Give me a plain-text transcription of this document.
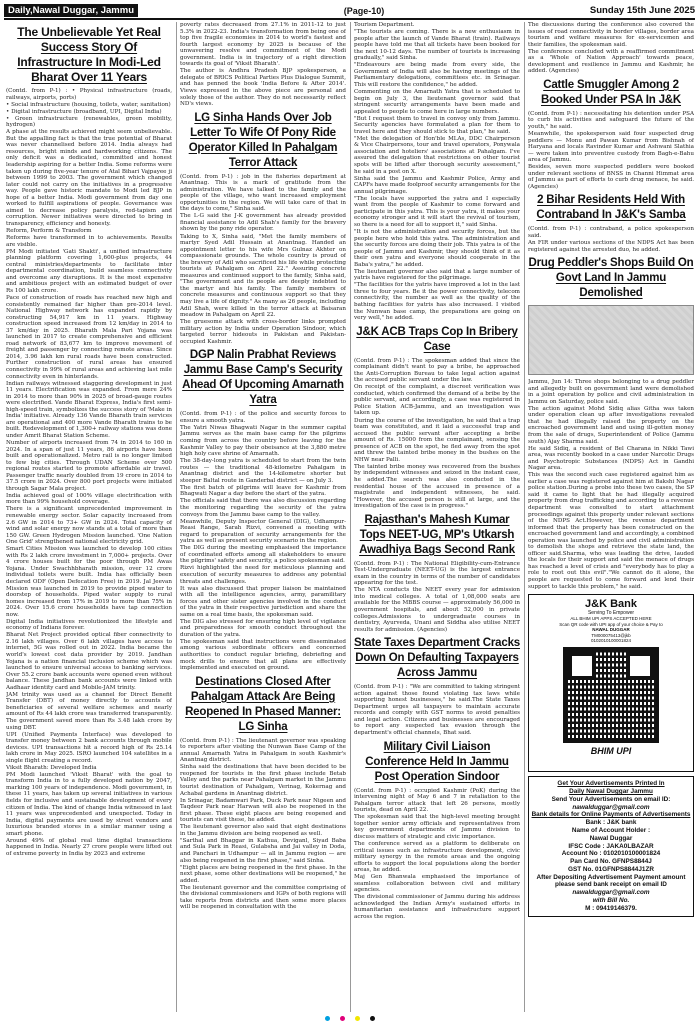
Daily,Nawal Duggar, Jammu	(Page-10)	Sunday 15th June 2025
The Unbelievable Yet Real Success Story Of Infrastructure In Modi-Led Bharat Over 11 Years

(Contd. from P-1) : • Physical infrastructure (roads, railways, airports, ports)

• Social infrastructure (housing, toilets, water, sanitation)

• Digital infrastructure (broadband, UPI, Digital India)

• Green infrastructure (renewables, green mobility, hydrogen)

A phase at the results achieved might seem unbelievable. But the appalling fact is that the true potential of Bharat was never channelised before 2014. India always had resources, bright minds and hardworking citizens. The only deficit was a dedicated, committed and honest leadership aspiring for a better India. Some reforms were taken up during five-year tenure of Atal Bihari Vajpayee ji between 1999 to 2003. The government which changed later could not carry on the initiatives in a progressive way. People gave historic mandate to Modi led BJP in hope of a better India. Modi government from day one worked to fulfill aspirations of people. Governance was aimed to decrease policy paralysis, red-tapism and corruption. Newer initiatives were directed to bring in transparency, efficiency and honesty.

Reform, Perform & Transform

Reforms have transformed in to achievements. Results are visible.

PM Modi initiated 'Gati Shakti', a unified infrastructure planning platform covering 1,600-plus projects, 44 central ministries/departments to facilitate inter departmental coordination, build seamless connectivity and overcome any disruptions. It is the most expensive and ambitious project with an estimated budget of over Rs 100 lakh crore.

Pace of construction of roads has reached new high and consistently remained far higher than pre-2014 level. National Highway network has expanded rapidly by constructing 54,917 km in 11 years. Highway construction speed increased from 12 km/day in 2014 to 37 km/day in 2025. Bharath Mala Pari Yojana was launched in 2017 to create comprehensive and efficient road network of 83,677 km to improve movement of freight and passenger by connecting remote areas. Since 2014, 3.96 lakh km rural roads have been constructed. Further construction of rural areas has ensured connectivity in 99% of rural areas and achieving last mile connectivity even in hinterlands.

Indian railways witnessed staggering development in just 11 years. Electrification was expanded. From mere 24% in 2014 to more than 90% in 2025 of broad-gauge routes were electrified. Vande Bharat Express, India's first semi-high-speed train, symbolizes the success story of 'Make in India' initiative. Already 136 Vande Bharath train services are operational and 400 more Vande Bharath trains to be built. Redevelopment of 1,300+ railway stations was done under Amrit Bharat Station Scheme.

Number of airports increased from 74 in 2014 to 160 in 2024. In a span of just 11 years, 86 airports have been built and operationalized. Metro rail is no longer limited to few big cities. Through UDAN Scheme over 500 regional routes started to promote affordable air travel. Passenger traffic nearly doubled from 19 crore in 2014 to 37.5 crore in 2024. Over 800 port projects were initiated through Sagar Mala project.

India achieved goal of 100% village electrification with more than 99% household coverage.

There is a significant unprecedented improvement in renewable energy sector. Solar capacity increased from 2.6 GW in 2014 to 73+ GW in 2024. Total capacity of wind and solar energy now stands at a total of more than 150 GW. Green Hydrogen Mission launched. 'One Nation One Grid' strengthened national electricity grid.

Smart Cities Mission was launched to develop 100 cities with Rs 2 lakh crore investment in 7,000+ projects. Over 4 crore houses built for the poor through PM Awas Yojana. Under Swachhbharath mission, over 12 crore individual toilets were built. India has officially been declared ODF (Open Defecation Free) in 2019. Jal Jeevan Mission was launched in 2019 to provide piped water to doorstep of households. Piped water supply to rural homes increased from 17% in 2019 to more than 75% in 2024. Over 15.6 crore households have tap connection now.

Digital India initiatives revolutionized the lifestyle and economy of Indians forever.

Bharat Net Project provided optical fiber connectivity to 2.16 lakh villages. Over 6 lakh villages have access to internet, 5G was rolled out in 2022. India became the world's lowest cost data provider by 2019. Jandhan Yojana is a nation financial inclusion scheme which was launched to ensure universal access to banking services. Over 55.2 crore bank accounts were opened even without balance. These Jandhan bank accounts were linked with Aadhaar identity card and Mobile-JAM trinity.

JAM trinity was used as a channel for Direct Benefit Transfer (DBT) of money directly to accounts of beneficiaries of several welfare schemes and nearly amount of Rs 44 lakh crore was transferred transparently. The government saved more than Rs 3.48 lakh crore by using DBT.

UPI (Unified Payments Interface) was developed to transfer money between 2 bank accounts through mobile devices. UPI transactions hit a record high of Rs 25.14 lakh crore in May 2025. ISRO launched 104 satellites in a single flight creating a record.

Viksit Bharath: Developed India

PM Modi launched 'Viksit Bharat' with the goal to transform India in to a fully developed nation by 2047, marking 100 years of independence. Modi government, in these 11 years, has taken up several initiatives in various fields for inclusive and sustainable development of every citizen of India. The kind of change India witnessed in last 11 years was unprecedented and unexpected. Today in India, digital payments are used by street vendors and luxurious branded stores in a similar manner using a smart phone.

Around 49% of global real time digital transactions happened in India. Nearly 27 crore people were lifted out of extreme poverty in India by 2023 and extreme

poverty rates decreased from 27.1% in 2011-12 to just 5.3% in 2022-23. India's transformation from being one of top five fragile economies in 2014 to world's fastest and fourth largest economy by 2025 is because of the unwavering resolve and commitment of the Modi government. India is in trajectory of a right direction towards its goal of 'Viksit Bharath'.

The author is Andhra Pradesh BJP spokesperson, a delegate of BRICS Political Parties Plus Dialogue Summit, and has penned the book 'India Before & After 2014'. Views expressed in the above piece are personal and solely those of the author. They do not necessarily reflect ND's views.

LG Sinha Hands Over Job Letter To Wife Of Pony Ride Operator Killed In Pahalgam Terror Attack

(Contd. from P-1) : job in the fisheries department at Anantnag. This is a mark of gratitude from the administration. We have talked to the family and the people of the village, who want increased employment opportunities in the region. We will take care of that in the days to come," Sinha said.

The L-G said the J-K government has already provided financial assistance to Adil Shah's family for the bravery shown by the pony ride operator.

Taking to X, Sinha said, "Met the family members of martyr Syed Adil Hussain at Anantnag. Handed an appointment letter to his wife Mrs Gulnaz Akhter on compassionate grounds. The whole country is proud of the bravery of Adil who sacrificed his life while protecting tourists at Pahalgam on April 22." Assuring concrete measures and continued support to the family, Sinha said, "The government and its people are deeply indebted to the martyr and his family. The family members of concrete measures and continuous support so that they may live a life of dignity." As many as 26 people, including Adil Shah, were killed in the terror attack at Baisaran meadow in Pahalgam on April 22.

The gruesome attack with cross-border links prompted military action by India under Operation Sindoor, which targeted terror hideouts in Pakistan and Pakistan-occupied Kashmir.

DGP Nalin Prabhat Reviews Jammu Base Camp's Security Ahead Of Upcoming Amarnath Yatra

(Contd. from P-1) : of the police and security forces to ensure a smooth yatra.

The Yatri Niwas Bhagwati Nagar in the summer capital Jammu serves as the main base camp for the pilgrims coming from across the country before leaving for the Kashmir Valley to pay their obeisance at the 3,880 metre high holy cave shrine of Amarnath.

The 38-day-long yatra is scheduled to start from the twin routes — the traditional 48-kilometre Pahalgam in Anantnag district and the 14-kilometre shorter but steeper Baltal route in Ganderbal district — on July 3.

The first batch of pilgrims will leave for Kashmir from Bhagwati Nagar a day before the start of the yatra.

The officials said that there was also discussion regarding the monitoring regarding the security of the yatra convoys from the Jammu base camp to the valley.

Meanwhile, Deputy Inspector General (DIG), Udhampur-Reasi Range, Sarah Rizvi, convened a meeting with regard to preparation of security arrangements for the yatra as well as present security scenario in the region.

The DIG during the meeting emphasised the importance of coordinated efforts among all stakeholders to ensure the pilgrims' safety and security, a police spokesman said.

Rizvi highlighted the need for meticulous planning and execution of security measures to address any potential threats and challenges.

It was also discussed that proper liaison be maintained with all the intelligence agencies, army, paramilitary forces and other sister agencies involved in the conduct of the yatra in their respective jurisdiction and share the same on a real time basis, the spokesman said.

The DIG also stressed for ensuring high level of vigilance and preparedness for smooth conduct throughout the duration of the yatra.

The spokesman said that instructions were disseminated among various subordinate officers and concerned authorities to conduct regular briefing, debriefing and mock drills to ensure that all plans are effectively implemented and executed on ground.

Destinations Closed After Pahalgam Attack Are Being Reopened In Phased Manner: LG Sinha

(Contd. from P-1) : The lieutenant governor was speaking to reporters after visiting the Nunwan Base Camp of the annual Amarnath Yatra in Pahalgam in south Kashmir's Anantnag district.

Sinha said the destinations that have been decided to be reopened for tourists in the first phase include Betab Valley and the parks near Pahalgam market in the Jammu tourist destination of Pahalgam, Verinag, Kokernag and Achabal gardens in Anantnag district.

In Srinagar, Badamwari Park, Duck Park near Nigeen and Taqdeer Park near Harwan will also be reopened in the first phase. These eight places are being reopened and tourists can visit these, he added.

The lieutenant governor also said that eight destinations in the Jammu division are being reopened as well.

"Sarthal and Bhaggar in Kathua, Deviganl, Siyad Baba and Sula Park in Reasi, Gulabsha and Jai valley in Doda, and Panchari in Udhampur — all in Jammu region — are also being reopened in the first phase," said Sinha.

"Eight places are being reopened in the first phase. In the next phase, some other destinations will be reopened," he added.

The lieutenant governor and the committee comprising of the divisional commissioners and IGPs of both regions will take reports from districts and then some more places will be reopened in consultation with the

Tourism Department.

"The tourists are coming. There is a new enthusiasm in people after the launch of Vande Bharat (train). Railways people have told me that all tickets have been booked for the next 10-12 days. The number of tourists is increasing gradually," said Sinha.

"Endeavours are being made from every side, the Government of India will also be having meetings of the Parliamentary delegations, committees etc. in Srinagar. This will restore the confidence," he added.

Commenting on the Amarnath Yatra that is scheduled to begin on July 3, the lieutenant governor said that stringent security arrangements have been made and appealed to people to come here in large numbers.

"But I request them to travel in convoy only from Jammu. Security agencies have formulated a plan for them to travel here and they should stick to that plan," he said.

"Met the delegation of Hon'ble MLAs, DDC Chairperson & Vice Chairpersons, tour and travel operators, Ponywala association and hoteliers' associations at Pahalgam. I've assured the delegation that restrictions on other tourist spots will be lifted after thorough security assessment," he said in a post on X.

Sinha said the Jammu and Kashmir Police, Army and CAPFs have made foolproof security arrangements for the annual pilgrimage.

"The locals have supported the yatra and I especially want from the people of Kashmir to come forward and participate in this yatra. This is your yatra, it makes your economy stronger and it will start the revival of tourism, so there is a need for all to support it," said Sinha.

"It is not the administration and security forces, but the people here who hold this yatra. The administration and the security forces are doing their job. This yatra is of the people of Jammu and Kashmir, they should think of it as their own yatra and everyone should cooperate in the Baba's yatra," he added.

The lieutenant governor also said that a large number of yatris have registered for the pilgrimage.

"The facilities for the yatris have improved a lot in the last three to four years. Be it the power connectivity, telecom connectivity, the number as well as the quality of the bathing facilities for yatris has also increased. I visited the Nunwan base camp, the preparations are going on very well," he added.

J&K ACB Traps Cop In Bribery Case

(Contd. from P-1) : The spokesman added that since the complainant didn't want to pay a bribe, he approached the Anti-Corruption Bureau to take legal action against the accused public servant under the law.

On receipt of the complaint, a discreet verification was conducted, which confirmed the demand of a bribe by the public servant, and accordingly, a case was registered in Police Station ACB-Jammu, and an investigation was taken up.

During the course of the investigation, he said that a trap team was constituted, and it laid a successful trap and accused the public servant after accepting a bribe amount of Rs. 15000 from the complainant, sensing the presence of ACB on the spot, he fled away from the spot and threw the tainted bribe money in the bushes on the NHW near Palli.

The tainted bribe money was recovered from the bushes by independent witnesses and seized in the instant case, he added.The search was also conducted in the residential house of the accused in presence of a magistrate and independent witnesses, he said. "However, the accused person is still at large, and the investigation of the case is in progress."

Rajasthan's Mahesh Kumar Tops NEET-UG, MP's Utkarsh Awadhiya Bags Second Rank

(Contd. from P-1) : The National Eligibility-cum-Entrance Test-Undergraduate (NEET-UG) is the largest entrance exam in the country in terms of the number of candidates appearing for the test.

The NTA conducts the NEET every year for admission into medical colleges. A total of 1,08,000 seats are available for the MBBS course — approximately 56,000 in government hospitals, and about 52,000 in private colleges.Admissions to undergraduate courses in dentistry, Ayurveda, Unani and Siddha also utilise NEET results for admission. (Agencies)

State Taxes Department Cracks Down On Defaulting Taxpayers Across Jammu

(Contd. from P-1) : "We are committed to taking stringent action against those found violating tax laws while supporting honest businesses," he said.The State Taxes Department urges all taxpayers to maintain accurate records and comply with GST norms to avoid penalties and legal action. Citizens and businesses are encouraged to report any suspected tax evasion through the department's official channels, Bhat said.

Military Civil Liaison Conference Held In Jammu Post Operation Sindoor

(Contd. from P-1) : occupied Kashmir (PoK) during the intervening night of May 6 and 7 in retaliation to the Pahalgam terror attack that left 26 persons, mostly tourists, dead on April 22.

The spokesman said that the high-level meeting brought together senior army officials and representatives from key government departments of Jammu division to discuss matters of strategic and civic importance.

The conference served as a platform to deliberate on critical issues such as infrastructure development, civic military synergy in the remote areas and the ongoing efforts to support the local populations along the border areas, he added.

Maj Gen Bhanwala emphasised the importance of seamless collaboration between civil and military agencies.

The divisional commissioner of Jammu during his address acknowledged the Indian Army's sustained efforts in humanitarian assistance and infrastructure support across the region.

The discussions during the conference also covered the issues of road connectivity in border villages, border area tourism and welfare measures for ex-servicemen and their families, the spokesman said.

The conference concluded with a reaffirmed commitment as a 'Whole of Nation Approach' towards peace, development and resilience in Jammu and Kashmir, he added. (Agencies)

Cattle Smuggler Among 2 Booked Under PSA In J&K

(Contd. from P-1) : necessitating his detention under PSA to curb his activities and safeguard the future of the youth," he said.

Meanwhile, the spokesperson said four suspected drug peddlers — Monu and Pawan Kumar from Bishnah of Haryana and locals Ravinder Kumar and Ashwani Slathia — were taken into preventive custody from Bagh-e-Bahu area of Jammu.

Besides, seven more suspected peddlers were booked under relevant sections of BNSS in Channi Himmat area of Jammu as part of efforts to curb drug menace, he said. (Agencies)

2 Bihar Residents Held With Contraband In J&K's Samba

(Contd. from P-1) : contraband, a police spokesperson said.

An FIR under various sections of the NDPS Act has been registered against the arrested duo, he added.

Drug Peddler's Shops Build On Govt Land In Jammu Demolished

Jammu, Jun 14: Three shops belonging to a drug peddler and allegedly built on government land were demolished in a joint operation by police and civil administration in Jammu on Saturday, police said.

The action against Mohd Sidiq alias Githa was taken under operation clean up after investigations revealed that he had illegally raised the property on the encroached government land and using ill-gotten money from the sale of drugs, Superintendent of Police (Jammu south) Ajay Sharma said.

He said Sidiq, a resident of Bel Charana in Nikki Tawi area, was recently booked in a case under Narcotic Drugs and Psychotropic Substances (NDPS) Act in Gandhi Nagar area.

This was the second such case registered against him as earlier a case was registered against him at Bakshi Nagar police station.During a probe into these two cases, the SP said it came to light that he had illegally acquired property from drug trafficking and according to a revenue department was consulted to start attachment proceedings against this property under relevant sections of the NDPS Act.However, the revenue department informed that the property has been constructed on the encroached government land and accordingly, a combined operation was launched by police and civil administration to demolish the shops and retrieve the state land, the officer said.Sharma, who was leading the drive, lauded the locals for their support and said the menace of drugs has reached a level of crisis and "everybody has to play a role to root out this evil"."We cannot do it alone, the people are requested to come forward and lend their support to tackle this problem," he said.

J&K Bank
Serving To Empower
ALL BHIM UPI APPS ACCEPTED HERE
Scan QR code with UPI app of your choice & Pay to
NAWAL DUGGAR
TM000075413@jkb
0102010100001824
BHIM UPI
Get Your Advertisements Printed In
Daily Nawal Duggar Jammu
Send Your Advertisements on email ID:
nawalduggar@gmail.com
Bank details for Online Payments of Advertisements
Bank : J&K bank
Name of Account Holder :
Nawal Duggar
IFSC Code : JAKA0LBAZAR
Account No : 0102010100001824
Pan Card No. GFNPS8844J
GST No. 01GFNPS8844J1ZR
After Depositing Advertisement Payment amount please send bank receipt on email ID
nawalduggar@gmail.com
with Bill No.
M : 09419146379.
